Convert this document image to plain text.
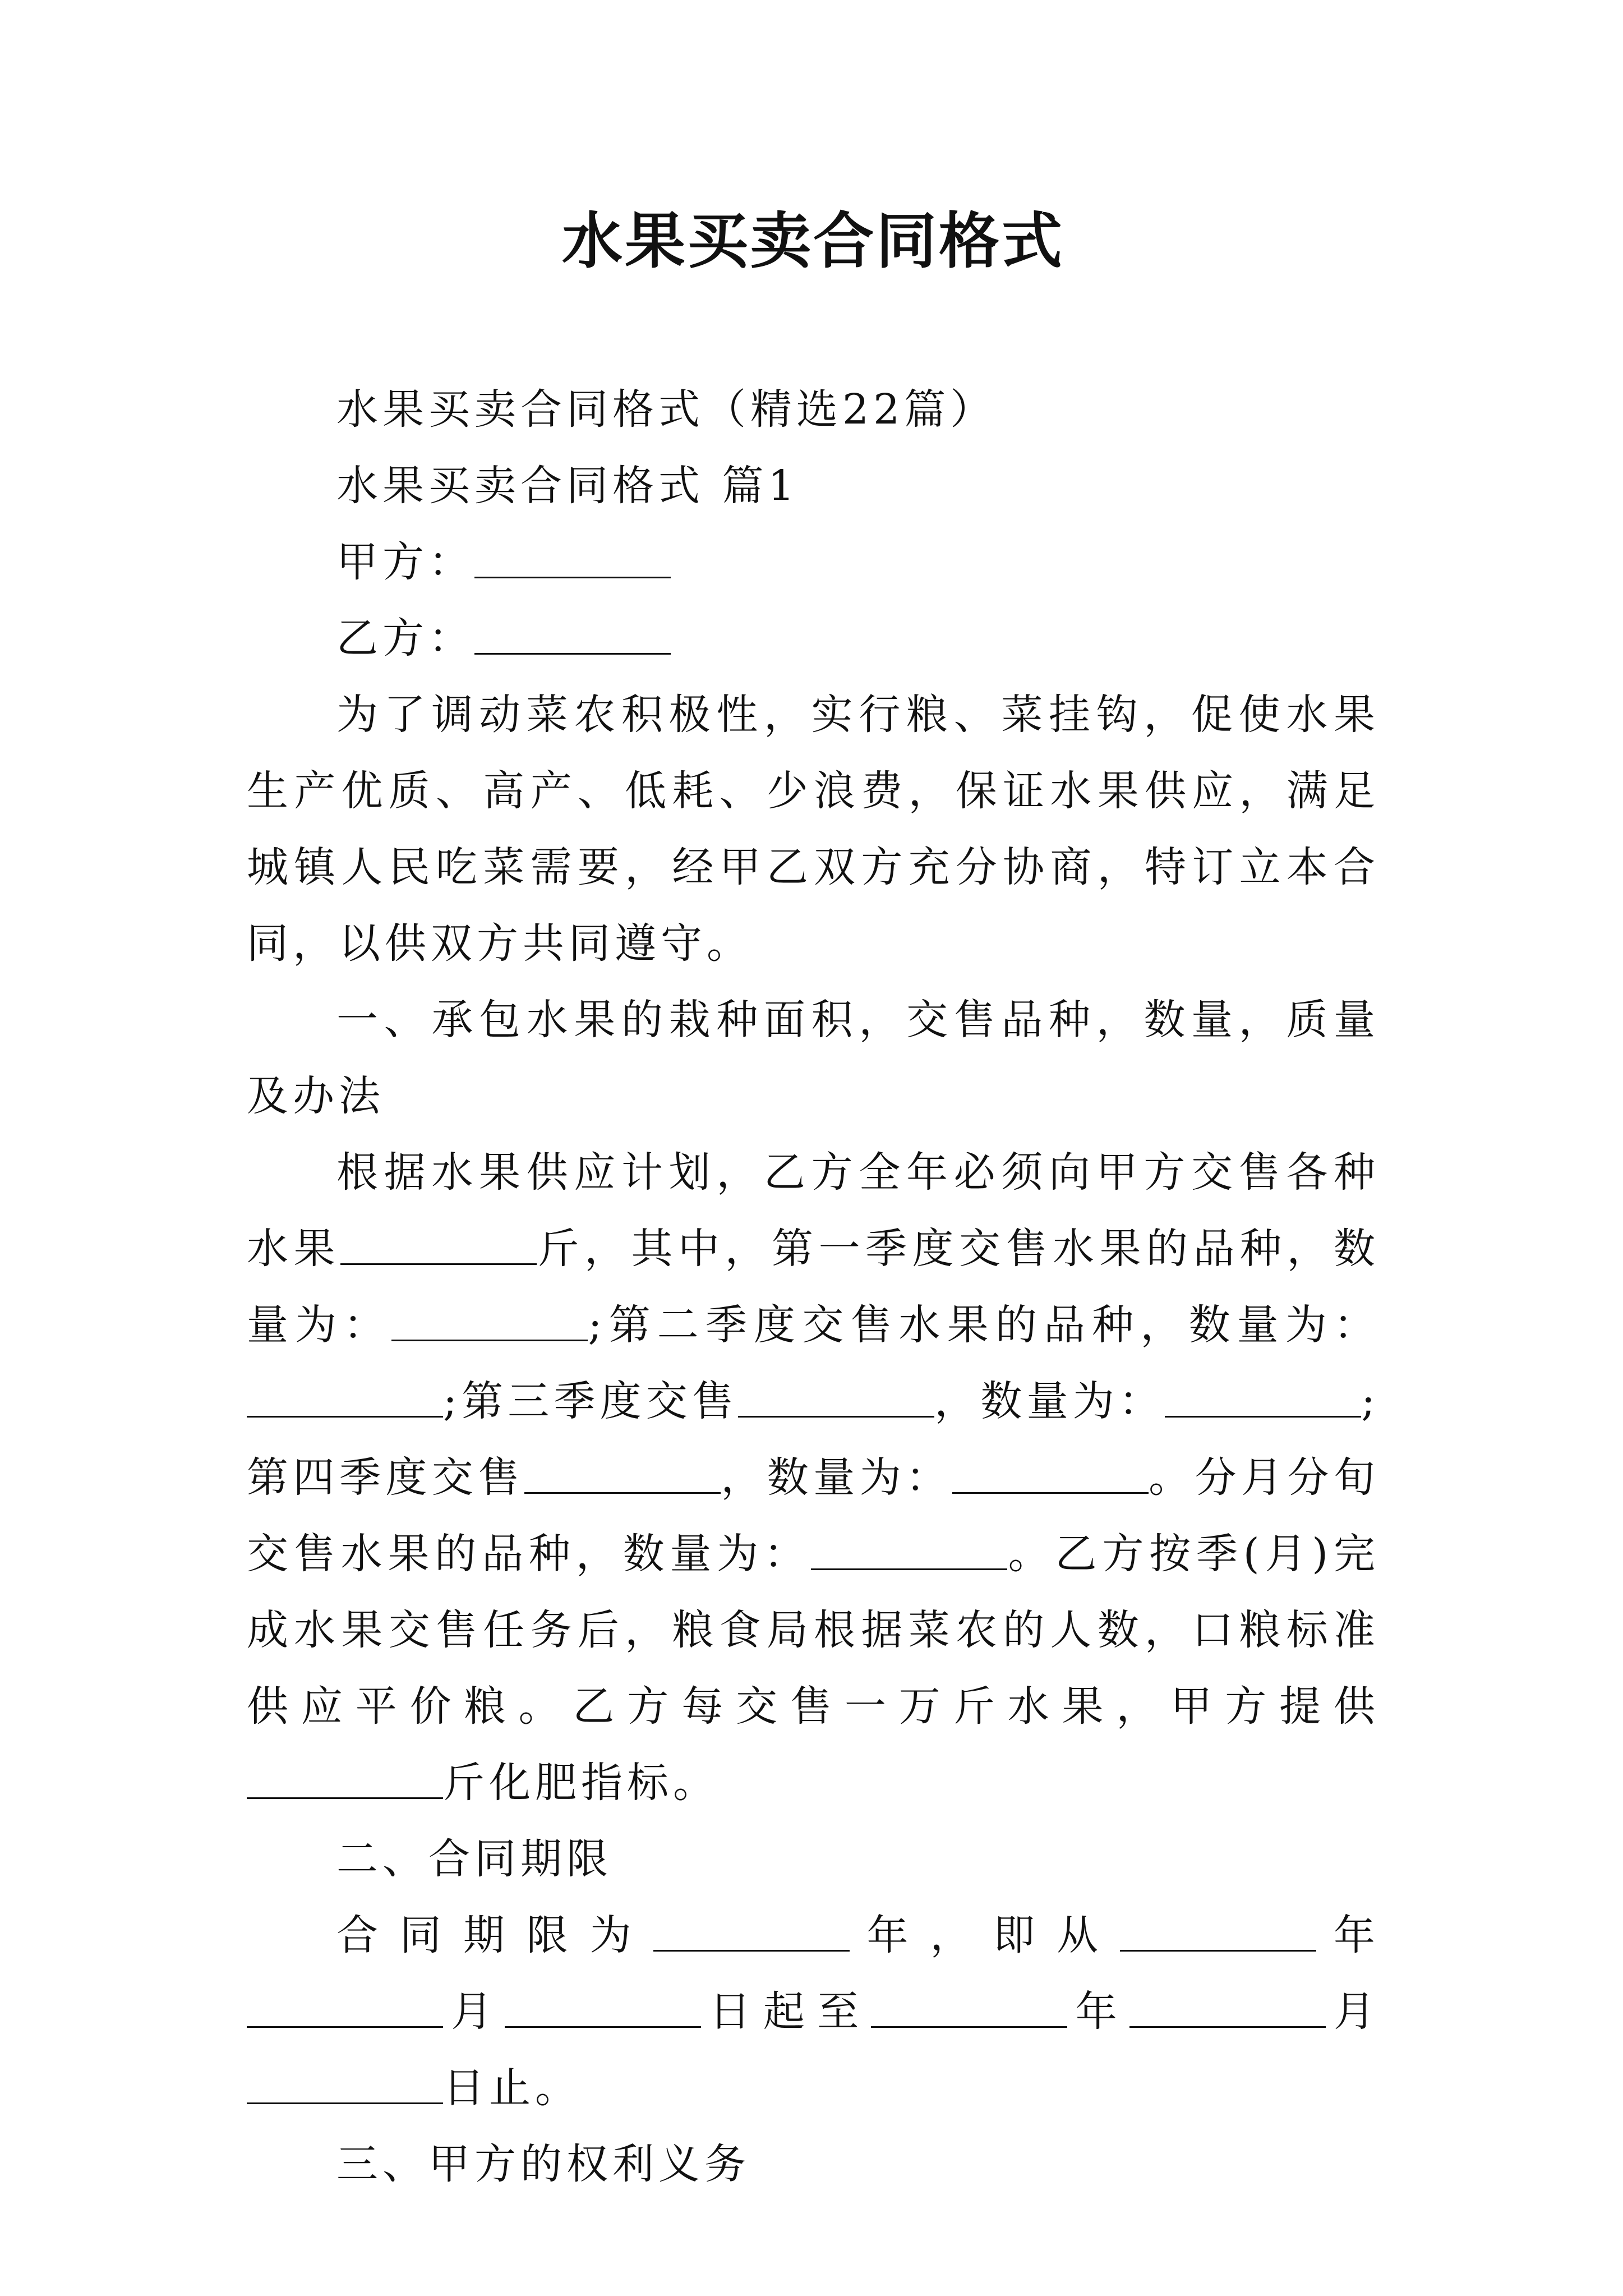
水果买卖合同格式

水果买卖合同格式（精选22篇）

水果买卖合同格式 篇1

甲方：

乙方：

为了调动菜农积极性，实行粮、菜挂钩，促使水果生产优质、高产、低耗、少浪费，保证水果供应，满足城镇人民吃菜需要，经甲乙双方充分协商，特订立本合同，以供双方共同遵守。

一、承包水果的栽种面积，交售品种，数量，质量及办法

根据水果供应计划，乙方全年必须向甲方交售各种水果	斤，其中，第一季度交售水果的品种，数量为：	;第二季度交售水果的品种，数量为：;第三季度交售	，数量为：	;第四季度交售	，数量为：	。分月分旬交售水果的品种，数量为：	。乙方按季(月)完成水果交售任务后，粮食局根据菜农的人数，口粮标准供应平价粮。乙方每交售一万斤水果，甲方提供斤化肥指标。

二、合同期限

合同期限为	年，即从	年月	日起至	年	月日止。

三、甲方的权利义务
